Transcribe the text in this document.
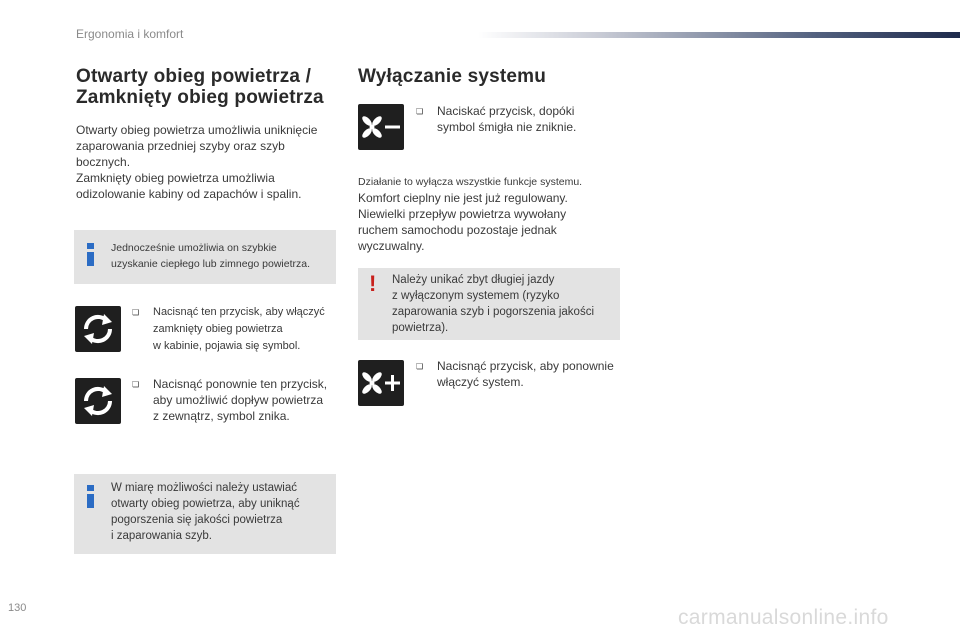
Ergonomia i komfort
Otwarty obieg powietrza /
Zamknięty obieg powietrza
Otwarty obieg powietrza umożliwia uniknięcie
zaparowania przedniej szyby oraz szyb
bocznych.
Zamknięty obieg powietrza umożliwia
odizolowanie kabiny od zapachów i spalin.
Jednocześnie umożliwia on szybkie
uzyskanie ciepłego lub zimnego powietrza.
❏ Nacisnąć ten przycisk, aby włączyć
zamknięty obieg powietrza
w kabinie, pojawia się symbol.
❏ Nacisnąć ponownie ten przycisk,
aby umożliwić dopływ powietrza
z zewnątrz, symbol znika.
W miarę możliwości należy ustawiać
otwarty obieg powietrza, aby uniknąć
pogorszenia się jakości powietrza
i zaparowania szyb.
Wyłączanie systemu
❏ Naciskać przycisk, dopóki
symbol śmigła nie zniknie.
Działanie to wyłącza wszystkie funkcje systemu.
Komfort cieplny nie jest już regulowany.
Niewielki przepływ powietrza wywołany
ruchem samochodu pozostaje jednak
wyczuwalny.
! Należy unikać zbyt długiej jazdy
z wyłączonym systemem (ryzyko
zaparowania szyb i pogorszenia jakości
powietrza).
❏ Nacisnąć przycisk, aby ponownie
włączyć system.
130	carmanualsonline.info
